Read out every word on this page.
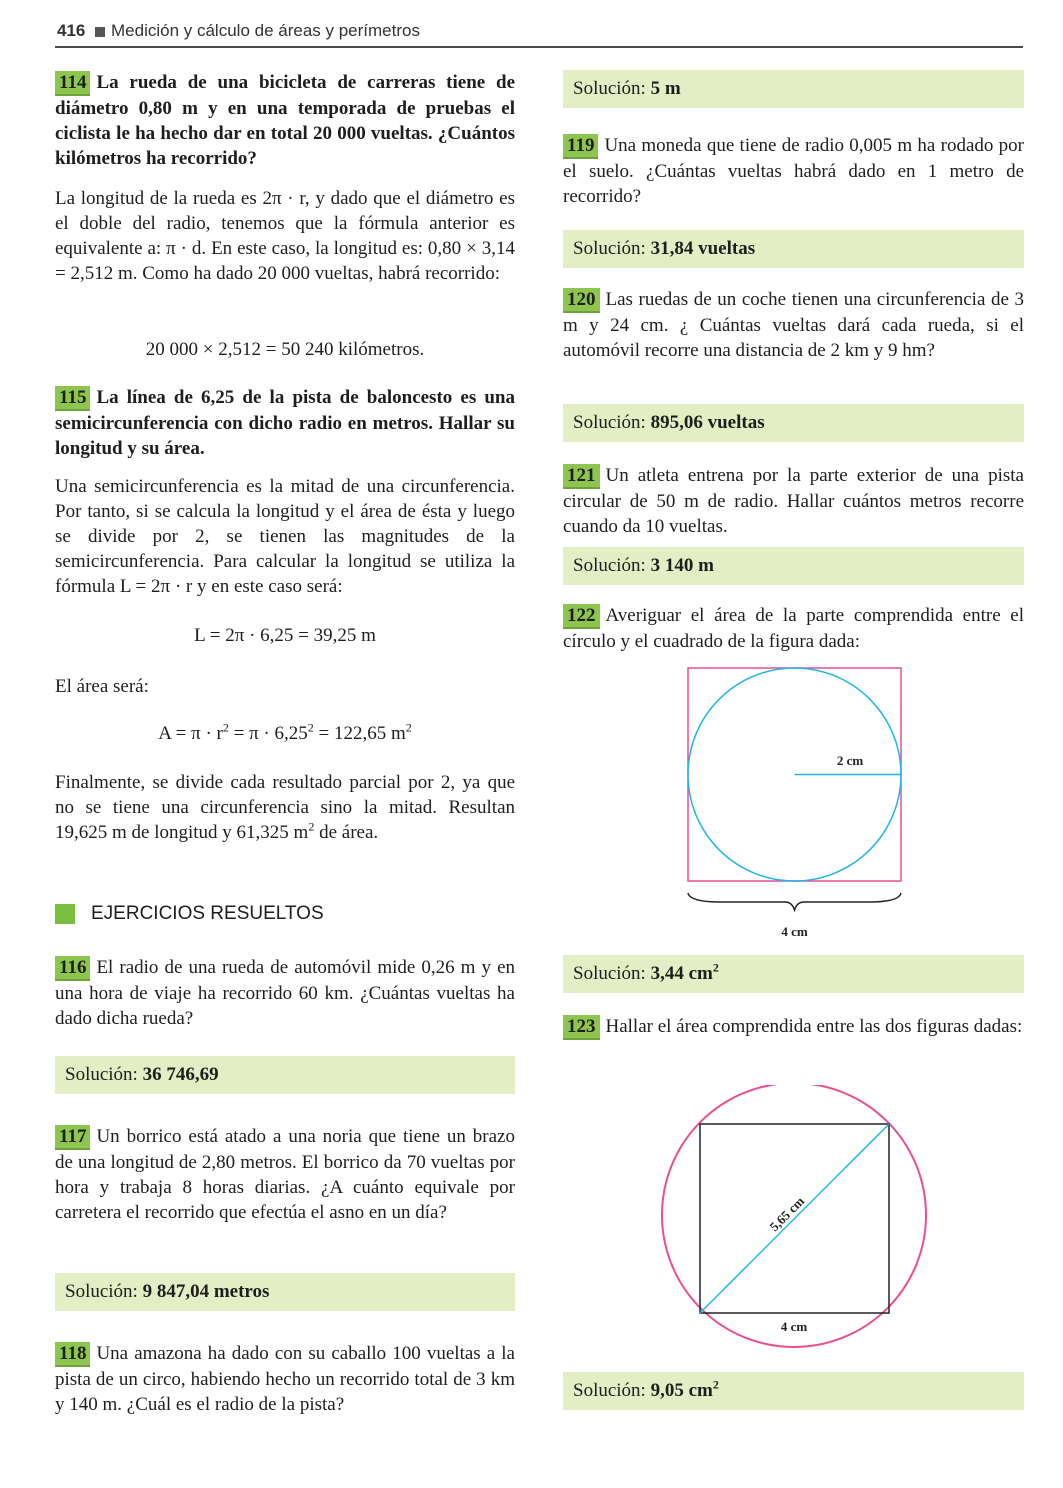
416 Medición y cálculo de áreas y perímetros

114 La rueda de una bicicleta de carreras tiene de diámetro 0,80 m y en una temporada de pruebas el ciclista le ha hecho dar en total 20 000 vueltas. ¿Cuántos kilómetros ha recorrido?

La longitud de la rueda es 2π · r, y dado que el diámetro es el doble del radio, tenemos que la fórmula anterior es equivalente a: π · d. En este caso, la longitud es: 0,80 × 3,14 = 2,512 m. Como ha dado 20 000 vueltas, habrá recorrido:

20 000 × 2,512 = 50 240 kilómetros.

115 La línea de 6,25 de la pista de baloncesto es una semicircunferencia con dicho radio en metros. Hallar su longitud y su área.

Una semicircunferencia es la mitad de una circunferencia. Por tanto, si se calcula la longitud y el área de ésta y luego se divide por 2, se tienen las magnitudes de la semicircunferencia. Para calcular la longitud se utiliza la fórmula L = 2π · r y en este caso será:

L = 2π · 6,25 = 39,25 m

El área será:

$A = \pi \cdot r^2 = \pi \cdot 6,25^2 = 122,65$ $m^2$

Finalmente, se divide cada resultado parcial por 2, ya que no se tiene una circunferencia sino la mitad. Resultan 19,625 m de longitud y 61,325 $m^2$ de área.

EJERCICIOS RESUELTOS

116 El radio de una rueda de automóvil mide 0,26 m y en una hora de viaje ha recorrido 60 km. ¿Cuántas vueltas ha dado dicha rueda?

Solución: 36 746,69

117 Un borrico está atado a una noria que tiene un brazo de una longitud de 2,80 metros. El borrico da 70 vueltas por hora y trabaja 8 horas diarias. ¿A cuánto equivale por carretera el recorrido que efectúa el asno en un día?

Solución: 9 847,04 metros

118 Una amazona ha dado con su caballo 100 vueltas a la pista de un circo, habiendo hecho un recorrido total de 3 km y 140 m. ¿Cuál es el radio de la pista?

Solución: 5 m

119 Una moneda que tiene de radio 0,005 m ha rodado por el suelo. ¿Cuántas vueltas habrá dado en 1 metro de recorrido?

Solución: 31,84 vueltas

120 Las ruedas de un coche tienen una circunferencia de 3 m y 24 cm. ¿ Cuántas vueltas dará cada rueda, si el automóvil recorre una distancia de 2 km y 9 hm?

Solución: 895,06 vueltas

121 Un atleta entrena por la parte exterior de una pista circular de 50 m de radio. Hallar cuántos metros recorre cuando da 10 vueltas.

Solución: 3 140 m

122 Averiguar el área de la parte comprendida entre el círculo y el cuadrado de la figura dada:

2 cm
4 cm
Solución: 3,44 $cm^2$

123 Hallar el área comprendida entre las dos figuras dadas:

5,65 cm
4 cm
Solución: 9,05 $cm^2$
